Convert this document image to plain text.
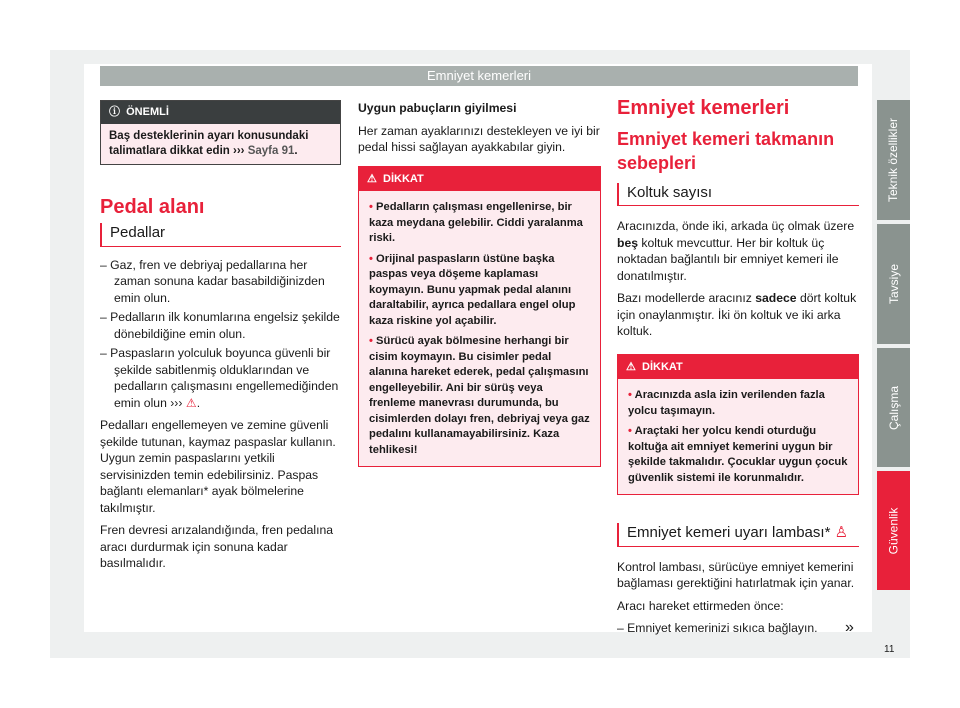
Emniyet kemerleri
ⓘ ÖNEMLİ
Baş desteklerinin ayarı konusundaki talimatlara dikkat edin ››› Sayfa 91.
Pedal alanı
Pedallar

– Gaz, fren ve debriyaj pedallarına her zaman sonuna kadar basabildiğinizden emin olun.

– Pedalların ilk konumlarına engelsiz şekilde dönebildiğine emin olun.

– Paspasların yolculuk boyunca güvenli bir şekilde sabitlenmiş olduklarından ve pedalların çalışmasını engellemediğinden emin olun ››› ⚠.

Pedalları engellemeyen ve zemine güvenli şekilde tutunan, kaymaz paspaslar kullanın. Uygun zemin paspaslarını yetkili servisinizden temin edebilirsiniz. Paspas bağlantı elemanları* ayak bölmelerine takılmıştır.

Fren devresi arızalandığında, fren pedalına aracı durdurmak için sonuna kadar basılmalıdır.

Uygun pabuçların giyilmesi

Her zaman ayaklarınızı destekleyen ve iyi bir pedal hissi sağlayan ayakkabılar giyin.

⚠ DİKKAT

• Pedalların çalışması engellenirse, bir kaza meydana gelebilir. Ciddi yaralanma riski.

• Orijinal paspasların üstüne başka paspas veya döşeme kaplaması koymayın. Bunu yapmak pedal alanını daraltabilir, ayrıca pedallara engel olup kaza riskine yol açabilir.

• Sürücü ayak bölmesine herhangi bir cisim koymayın. Bu cisimler pedal alanına hareket ederek, pedal çalışmasını engelleyebilir. Ani bir sürüş veya frenleme manevrası durumunda, bu cisimlerden dolayı fren, debriyaj veya gaz pedalını kullanamayabilirsiniz. Kaza tehlikesi!

Emniyet kemerleri
Emniyet kemeri takmanın sebepleri
Koltuk sayısı

Aracınızda, önde iki, arkada üç olmak üzere beş koltuk mevcuttur. Her bir koltuk üç noktadan bağlantılı bir emniyet kemeri ile donatılmıştır.

Bazı modellerde aracınız sadece dört koltuk için onaylanmıştır. İki ön koltuk ve iki arka koltuk.

⚠ DİKKAT

• Aracınızda asla izin verilenden fazla yolcu taşımayın.

• Araçtaki her yolcu kendi oturduğu koltuğa ait emniyet kemerini uygun bir şekilde takmalıdır. Çocuklar uygun çocuk güvenlik sistemi ile korunmalıdır.

Emniyet kemeri uyarı lambası* ♙

Kontrol lambası, sürücüye emniyet kemerini bağlaması gerektiğini hatırlatmak için yanar.

Aracı hareket ettirmeden önce:

– Emniyet kemerinizi sıkıca bağlayın. »

Teknik özellikler
Tavsiye
Çalışma
Güvenlik
11
